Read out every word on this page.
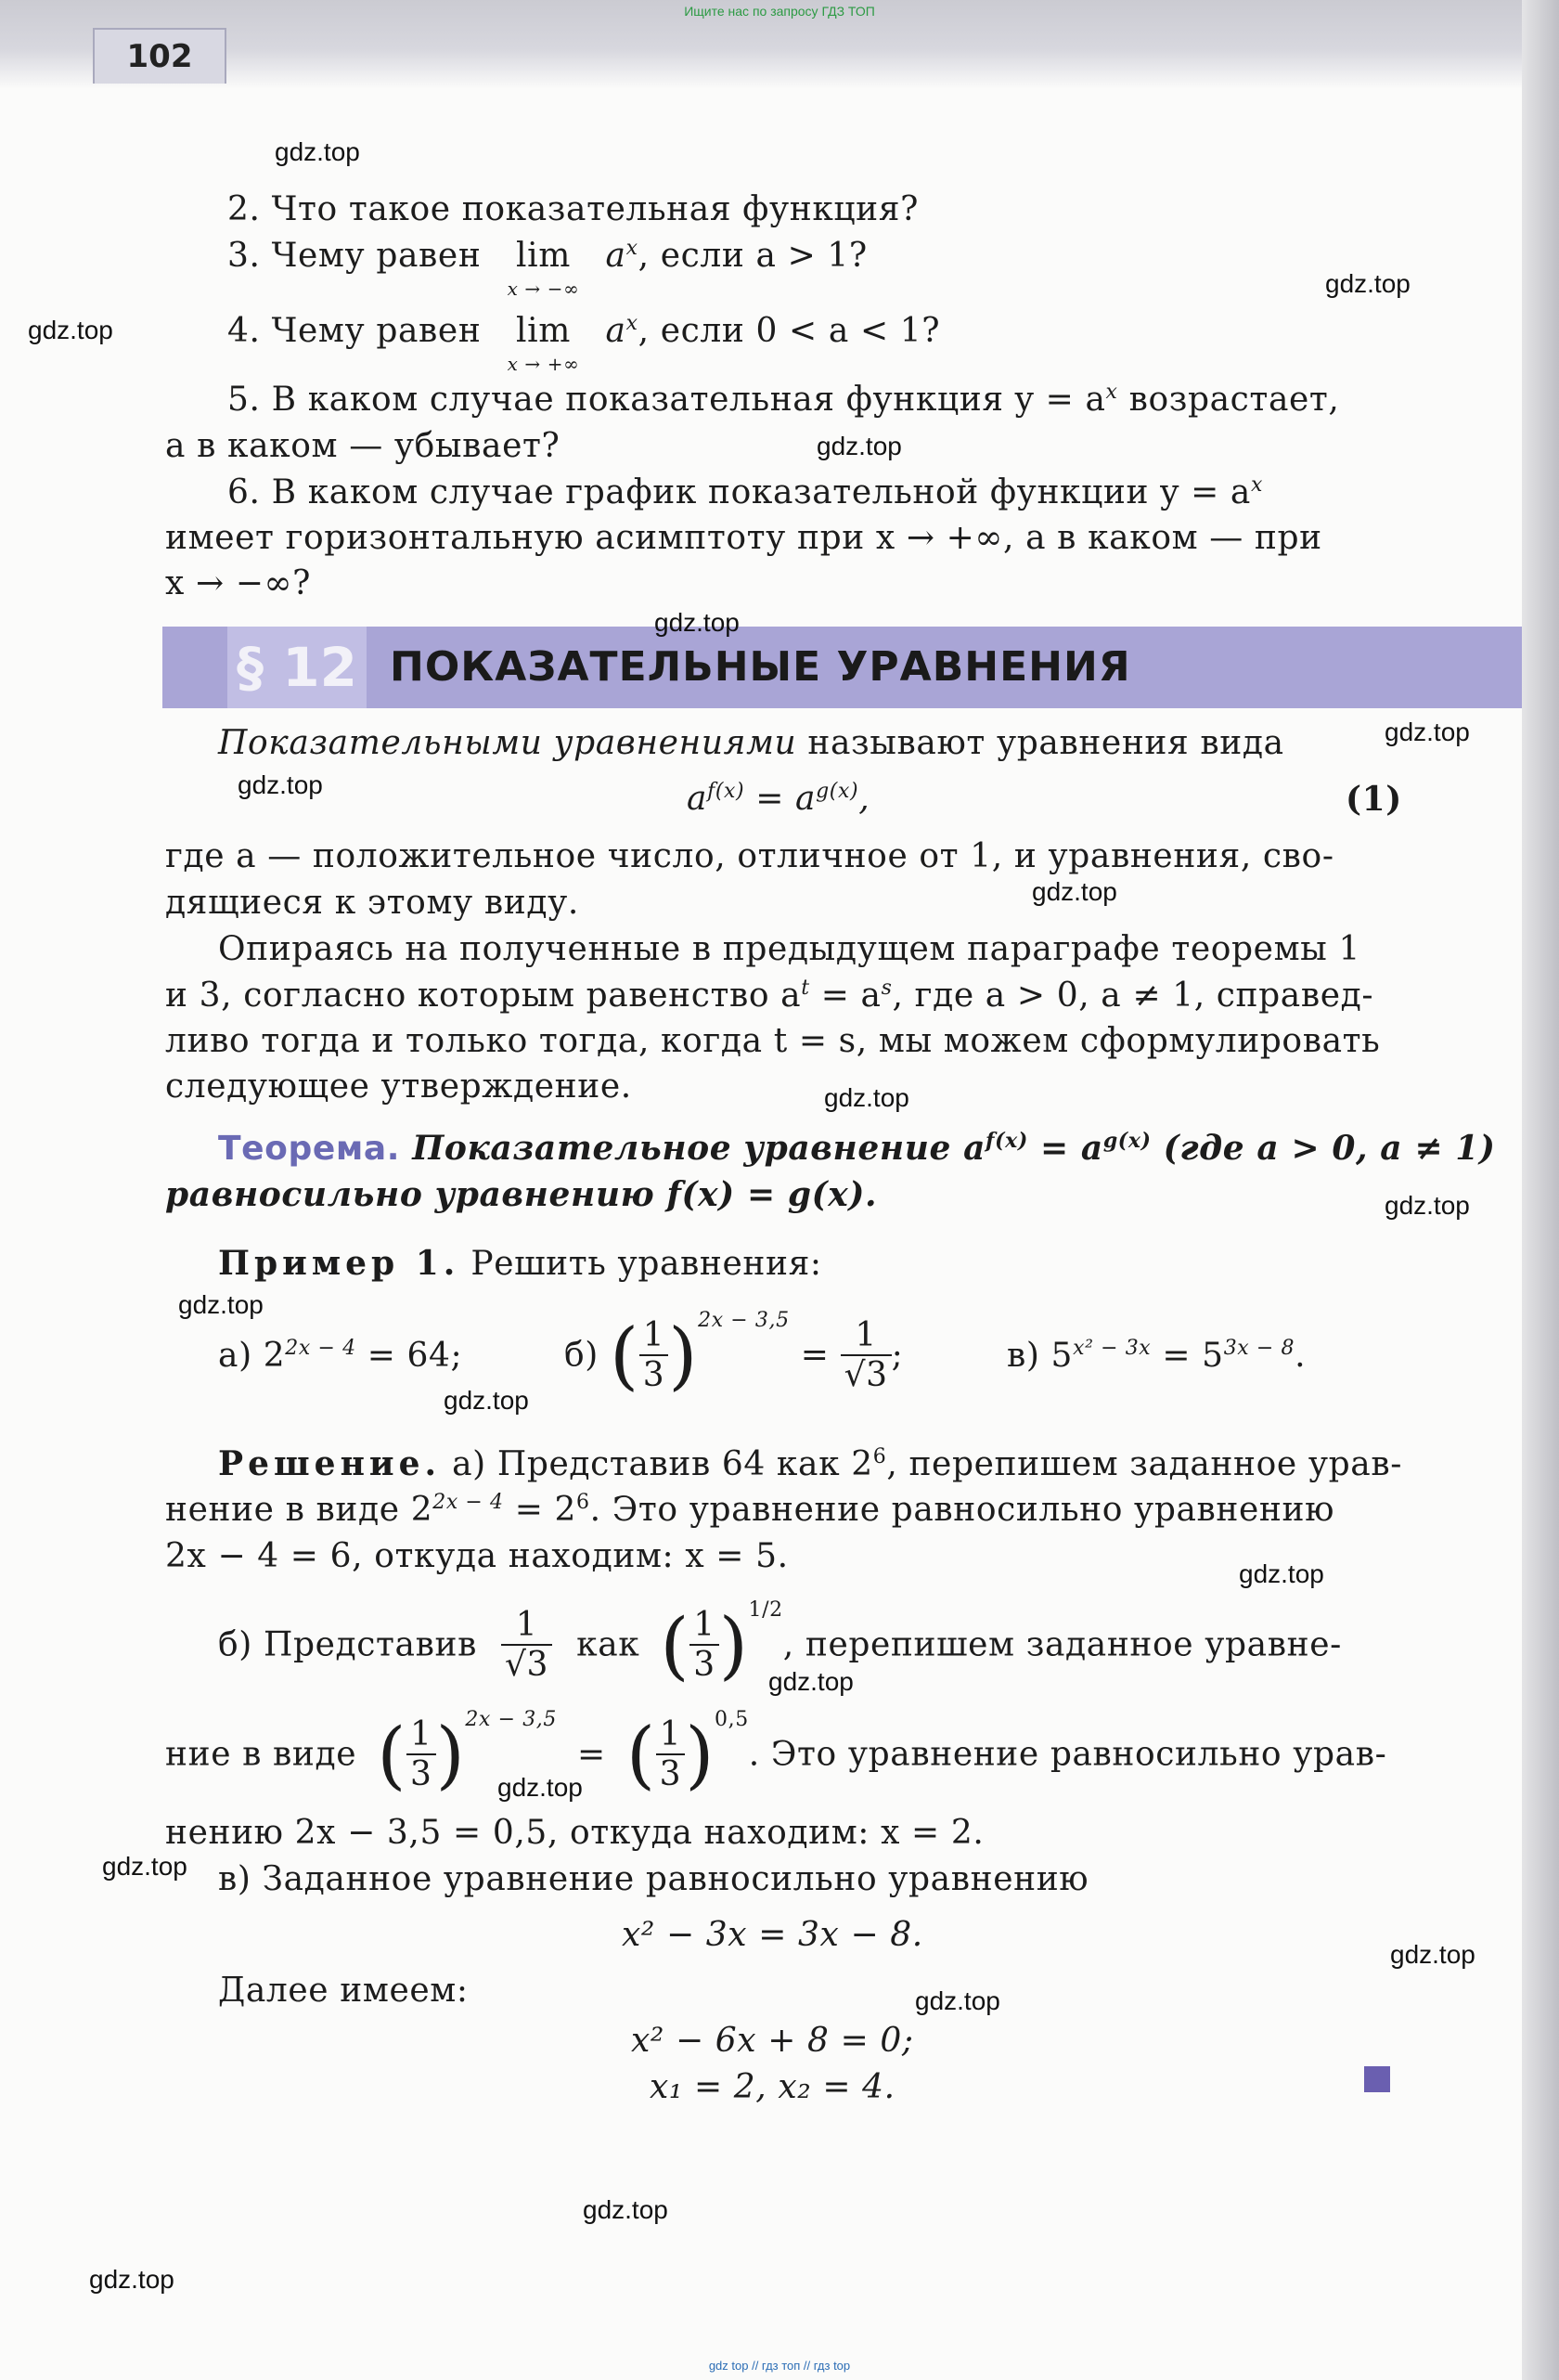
Ищите нас по запросу ГДЗ ТОП
102
2. Что такое показательная функция?
3. Чему равен lim
x → −∞
$a^x$, если a > 1?
4. Чему равен lim
x → +∞
$a^x$, если 0 < a < 1?
5. В каком случае показательная функция $y = a^x$ возрастает,
а в каком — убывает?
6. В каком случае график показательной функции $y = a^x$
имеет горизонтальную асимптоту при x → +∞, а в каком — при
x → −∞?
§ 12 ПОКАЗАТЕЛЬНЫЕ УРАВНЕНИЯ
Показательными уравнениями называют уравнения вида
$a^{f(x)} = a^{g(x)}$,	(1)
где a — положительное число, отличное от 1, и уравнения, сво-
дящиеся к этому виду.
Опираясь на полученные в предыдущем параграфе теоремы 1
и 3, согласно которым равенство $a^t = a^s$, где a > 0, a ≠ 1, справед-
ливо тогда и только тогда, когда t = s, мы можем сформулировать
следующее утверждение.
Теорема. Показательное уравнение $a^{f(x)} = a^{g(x)}$ (где a > 0, a ≠ 1)
равносильно уравнению f(x) = g(x).
Пример 1. Решить уравнения:
а) $2^{2x - 4} = 64$;	б) ( $\frac{1}{3} )^{2x - 3,5} = \frac{1}{√3}$ ;	в) $5^{x^2 - 3x} = 5^{3x - 8}$.
Решение. а) Представив 64 как $2^6$, перепишем заданное урав-
нение в виде $2^{2x - 4} = 2^6$. Это уравнение равносильно уравнению
2x − 4 = 6, откуда находим: x = 5.
б) Представив $\frac{1}{√3}$ как ( $\frac{1}{3} )^{1/2}$, перепишем заданное уравне-
ние в виде ( $\frac{1}{3} )^{2x - 3,5}$ = ( $\frac{1}{3} )^{0,5}$. Это уравнение равносильно урав-
нению 2x − 3,5 = 0,5, откуда находим: x = 2.
в) Заданное уравнение равносильно уравнению
x² − 3x = 3x − 8.
Далее имеем:
x² − 6x + 8 = 0;
x₁ = 2, x₂ = 4.
gdz.top
gdz.top
gdz.top
gdz.top
gdz.top
gdz.top
gdz.top
gdz.top
gdz.top
gdz.top
gdz.top
gdz.top
gdz.top
gdz.top
gdz.top
gdz.top
gdz.top
gdz.top
gdz.top
gdz.top
gdz top // гдз топ // гдз top
